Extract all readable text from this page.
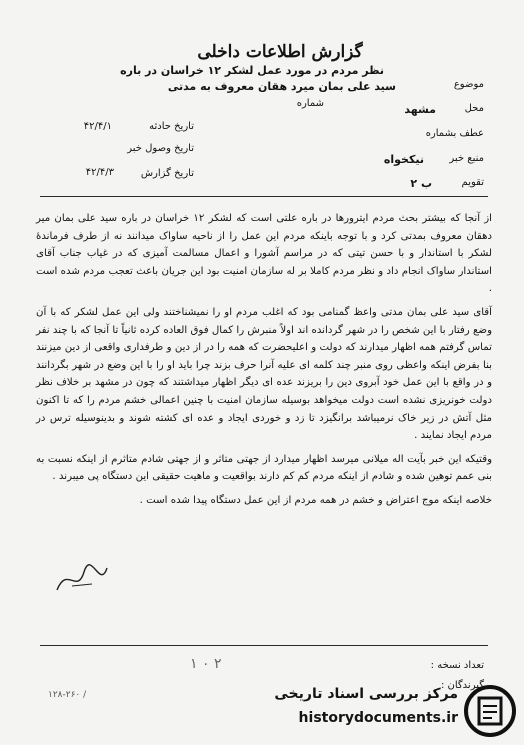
گزارش اطلاعات داخلی
نظر مردم در مورد عمل لشکر ۱۲ خراسان در باره
موضوع
سید علی بمان میرد هقان معروف به مدتی
شماره	محل
مشهد
عطف بشماره
تاریخ حادثه
۴۲/۴/۱
تاریخ وصول خبر
تاریخ گزارش
۴۲/۴/۳
منبع خبر
نیکخواه
تقویم
ب ۲

از آنجا که بیشتر بحث مردم ایترورها در باره علتی است که لشکر ۱۲ خراسان در باره سید علی بمان میر دهقان معروف بمدتی کرد و با توجه باینکه مردم این عمل را از ناحیه ساواک میدانند نه از طرف فرماندهٔ لشکر با استاندار و با حسن تیتی که در مراسم آشورا و اعمال مسالمت آمیزی که در غیاب جناب آقای استاندار ساواک انجام داد و نظر مردم کاملا بر له سازمان امنیت بود این جریان باعث تعجب مردم شده است .

آقای سید علی بمان مدتی واعظ گمنامی بود که اغلب مردم او را نمیشناختند ولی این عمل لشکر که با آن وضع رفتار با این شخص را در شهر گردانده اند اولاً منبرش را کمال فوق العاده کرده ثانیاً تا آنجا که با چند نفر تماس گرفتم همه اظهار میدارند که دولت و اعلیحضرت که همه را در از دین و طرفداری واقعی از دین میزنند بنا بفرض اینکه واعظی روی منبر چند کلمه ای علیه آنرا حرف بزند چرا باید او را با این وضع در شهر بگردانند و در واقع با این عمل خود آبروی دین را بریزند عده ای دیگر اظهار میداشتند که چون در مشهد بر خلاف نظر دولت خونریزی نشده است دولت میخواهد بوسیله سازمان امنیت با چنین اعمالی خشم مردم را که تا اکنون مثل آتش در زیر خاک نرمیباشد برانگیزد تا زد و خوردی ایجاد و عده ای کشته شوند و بدینوسیله ترس در مردم ایجاد نمایند .

وقتیکه این خبر بآیت اله میلانی میرسد اظهار میدارد از جهتی متاثر و از جهتی شادم متاثرم از اینکه نسبت به بنی عمم توهین شده و شادم از اینکه مردم کم کم دارند بواقعیت و ماهیت حقیقی این دستگاه پی میبرند .

خلاصه اینکه موج اعتراض و خشم در همه مردم از این عمل دستگاه پیدا شده است .

تعداد نسخه :
گیرندگان :
۱ ۰ ۲
۱۲۸-۲۶۰ /	مرکز بررسی اسناد تاریخی
historydocuments.ir
